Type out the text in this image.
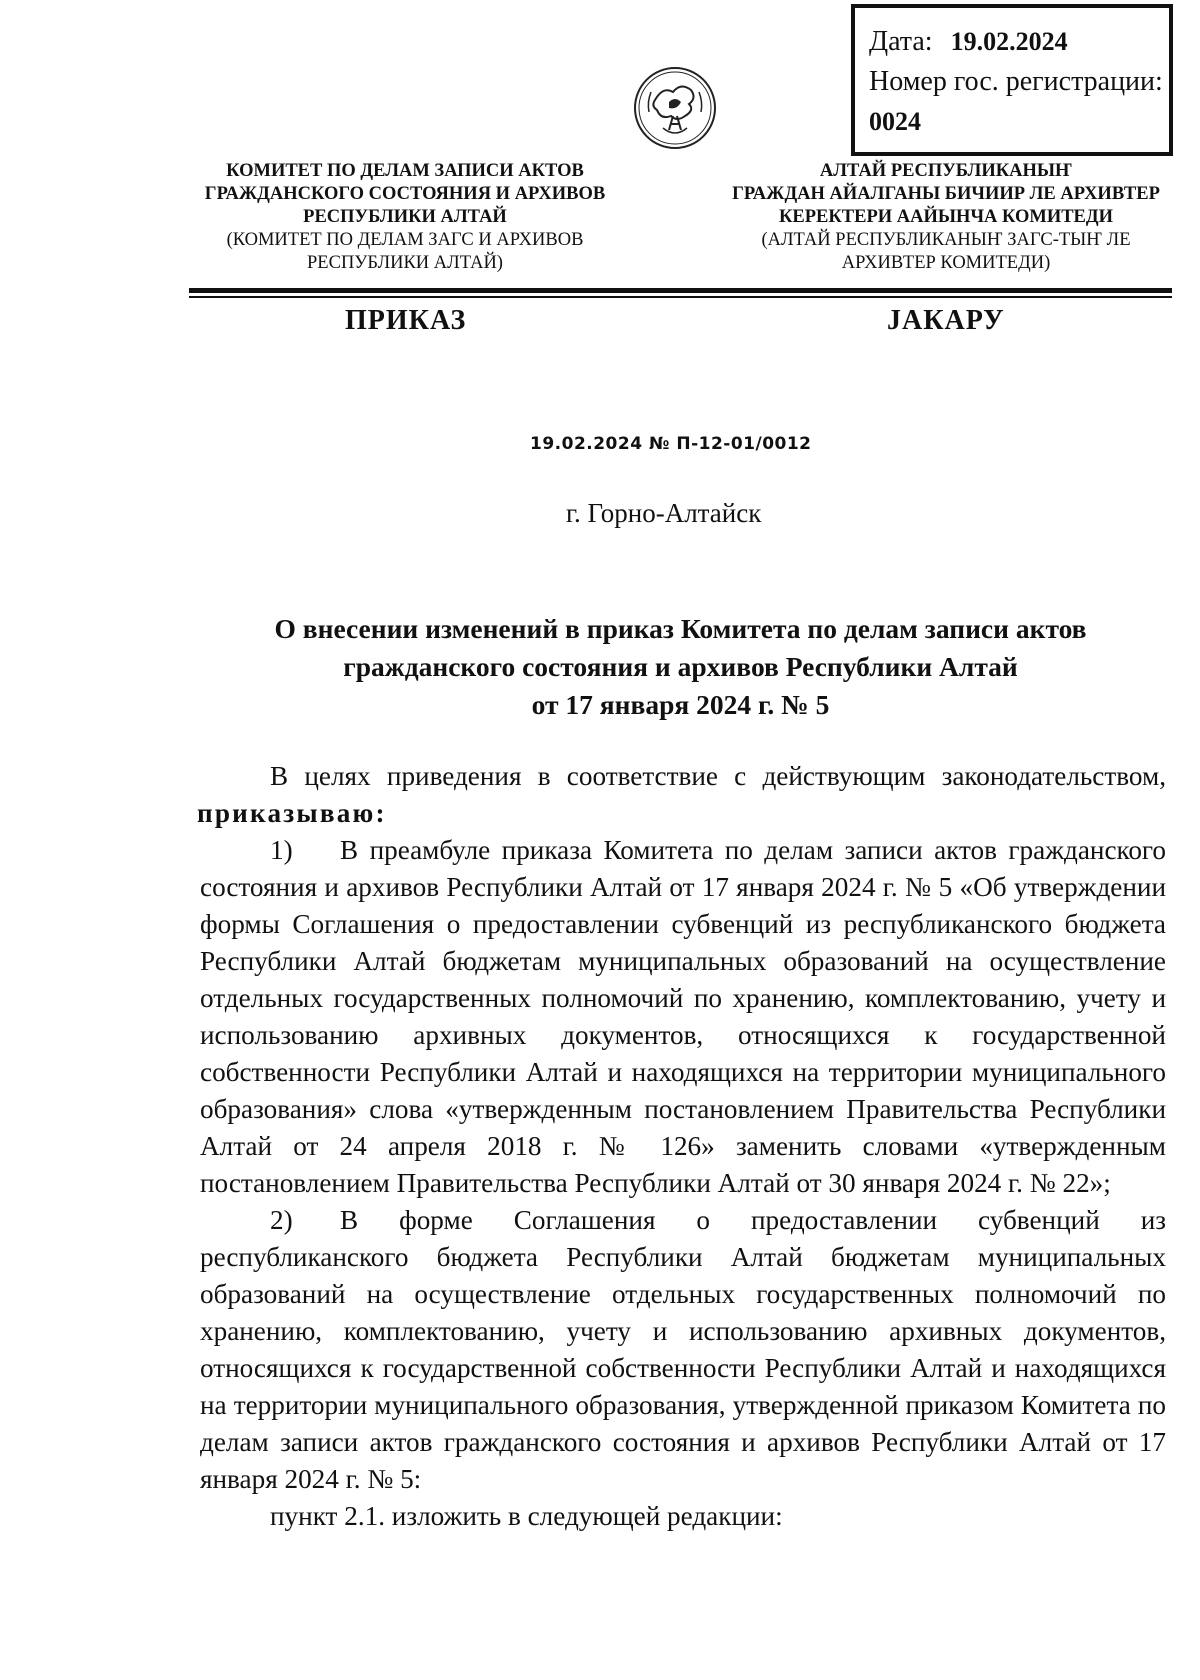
Дата: 19.02.2024
Номер гос. регистрации:
0024
КОМИТЕТ ПО ДЕЛАМ ЗАПИСИ АКТОВ
ГРАЖДАНСКОГО СОСТОЯНИЯ И АРХИВОВ
РЕСПУБЛИКИ АЛТАЙ
(КОМИТЕТ ПО ДЕЛАМ ЗАГС И АРХИВОВ
РЕСПУБЛИКИ АЛТАЙ)
АЛТАЙ РЕСПУБЛИКАНЫҤ
ГРАЖДАН АЙАЛГАНЫ БИЧИИР ЛЕ АРХИВТЕР
КЕРЕКТЕРИ ААЙЫНЧА КОМИТЕДИ
(АЛТАЙ РЕСПУБЛИКАНЫҤ ЗАГС-ТЫҤ ЛЕ
АРХИВТЕР КОМИТЕДИ)
ПРИКАЗ	ЈАКАРУ
19.02.2024 № П-12-01/0012
г. Горно-Алтайск
О внесении изменений в приказ Комитета по делам записи актов
гражданского состояния и архивов Республики Алтай
от 17 января 2024 г. № 5
В целях приведения в соответствие с действующим законодательством,
приказываю:
1) В преамбуле приказа Комитета по делам записи актов гражданского состояния и архивов Республики Алтай от 17 января 2024 г. № 5 «Об утверждении формы Соглашения о предоставлении субвенций из республиканского бюджета Республики Алтай бюджетам муниципальных образований на осуществление отдельных государственных полномочий по хранению, комплектованию, учету и использованию архивных документов, относящихся к государственной собственности Республики Алтай и находящихся на территории муниципального образования» слова «утвержденным постановлением Правительства Республики Алтай от 24 апреля 2018 г. № 126» заменить словами «утвержденным постановлением Правительства Республики Алтай от 30 января 2024 г. № 22»;
2) В форме Соглашения о предоставлении субвенций из республиканского бюджета Республики Алтай бюджетам муниципальных образований на осуществление отдельных государственных полномочий по хранению, комплектованию, учету и использованию архивных документов, относящихся к государственной собственности Республики Алтай и находящихся на территории муниципального образования, утвержденной приказом Комитета по делам записи актов гражданского состояния и архивов Республики Алтай от 17 января 2024 г. № 5:
пункт 2.1. изложить в следующей редакции:
